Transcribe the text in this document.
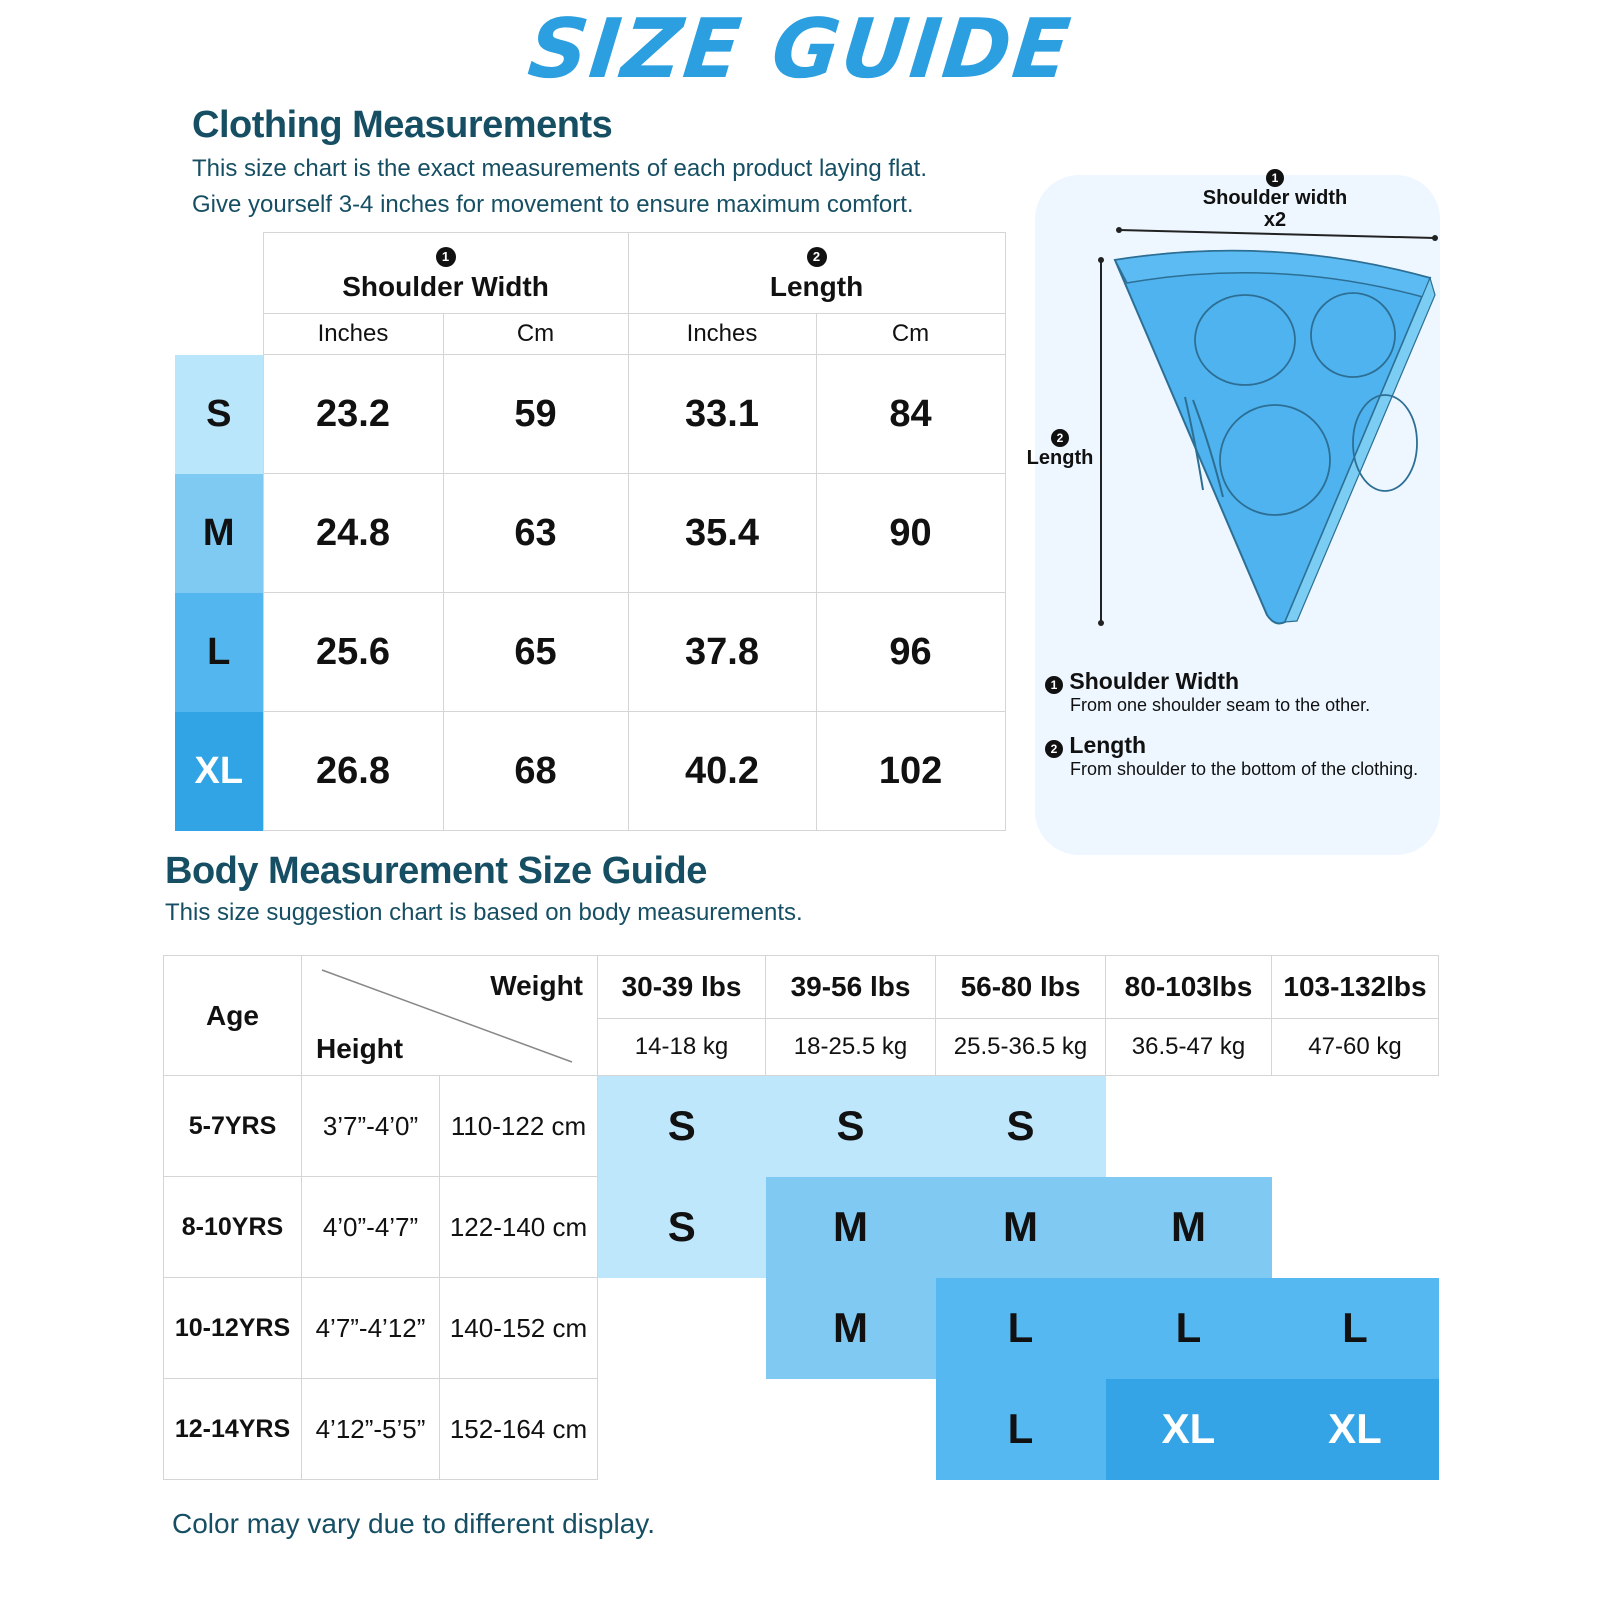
SIZE GUIDE
Clothing Measurements
This size chart is the exact measurements of each product laying flat.
Give yourself 3-4 inches for movement to ensure maximum comfort.

	1
Shoulder Width		2
Length	
	Inches	Cm	Inches	Cm
S	23.2	59	33.1	84
M	24.8	63	35.4	90
L	25.6	65	37.8	96
XL	26.8	68	40.2	102
1
Shoulder width
x2
2
Length
1 Shoulder Width
From one shoulder seam to the other.
2 Length
From shoulder to the bottom of the clothing.
Body Measurement Size Guide
This size suggestion chart is based on body measurements.
Age	Weight
Height		30-39 lbs	39-56 lbs	56-80 lbs	80-103lbs	103-132lbs
			14-18 kg	18-25.5 kg	25.5-36.5 kg	36.5-47 kg	47-60 kg
5-7YRS	3’7”-4’0”	110-122 cm	S	S	S		
8-10YRS	4’0”-4’7”	122-140 cm	S	M	M	M	
10-12YRS	4’7”-4’12”	140-152 cm		M	L	L	L
12-14YRS	4’12”-5’5”	152-164 cm			L	XL	XL
Color may vary due to different display.
